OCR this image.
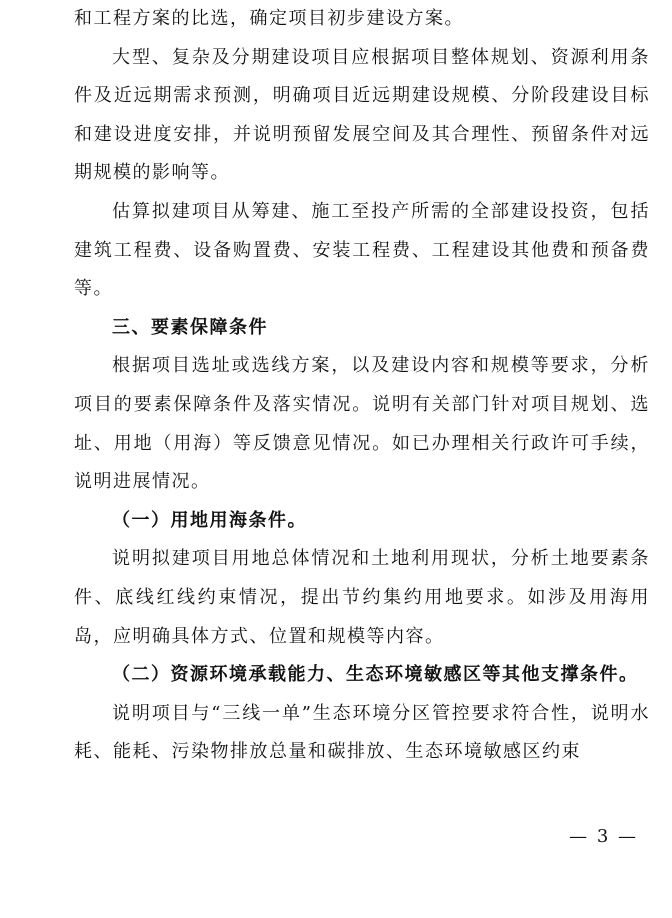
和工程方案的比选，确定项目初步建设方案。

大型、复杂及分期建设项目应根据项目整体规划、资源利用条件及近远期需求预测，明确项目近远期建设规模、分阶段建设目标和建设进度安排，并说明预留发展空间及其合理性、预留条件对远期规模的影响等。

估算拟建项目从筹建、施工至投产所需的全部建设投资，包括建筑工程费、设备购置费、安装工程费、工程建设其他费和预备费等。

三、要素保障条件

根据项目选址或选线方案，以及建设内容和规模等要求，分析项目的要素保障条件及落实情况。说明有关部门针对项目规划、选址、用地（用海）等反馈意见情况。如已办理相关行政许可手续，说明进展情况。

（一）用地用海条件。

说明拟建项目用地总体情况和土地利用现状，分析土地要素条件、底线红线约束情况，提出节约集约用地要求。如涉及用海用岛，应明确具体方式、位置和规模等内容。

（二）资源环境承载能力、生态环境敏感区等其他支撑条件。

说明项目与“三线一单”生态环境分区管控要求符合性，说明水耗、能耗、污染物排放总量和碳排放、生态环境敏感区约束

— 3 —
